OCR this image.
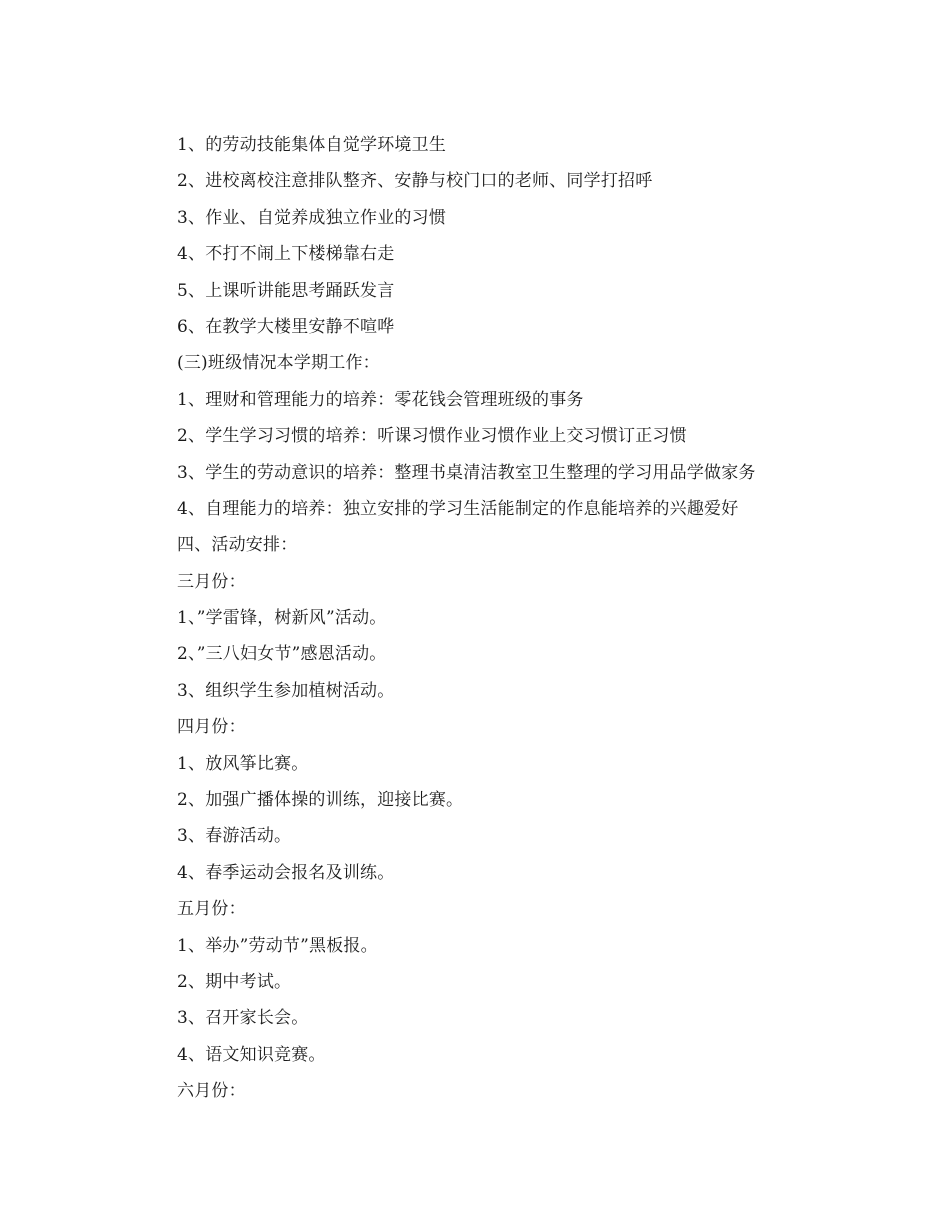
1、的劳动技能集体自觉学环境卫生
2、进校离校注意排队整齐、安静与校门口的老师、同学打招呼
3、作业、自觉养成独立作业的习惯
4、不打不闹上下楼梯靠右走
5、上课听讲能思考踊跃发言
6、在教学大楼里安静不喧哗
(三)班级情况本学期工作：
1、理财和管理能力的培养：零花钱会管理班级的事务
2、学生学习习惯的培养：听课习惯作业习惯作业上交习惯订正习惯
3、学生的劳动意识的培养：整理书桌清洁教室卫生整理的学习用品学做家务
4、自理能力的培养：独立安排的学习生活能制定的作息能培养的兴趣爱好
四、活动安排：
三月份：
1、”学雷锋，树新风”活动。
2、”三八妇女节”感恩活动。
3、组织学生参加植树活动。
四月份：
1、放风筝比赛。
2、加强广播体操的训练，迎接比赛。
3、春游活动。
4、春季运动会报名及训练。
五月份：
1、举办”劳动节”黑板报。
2、期中考试。
3、召开家长会。
4、语文知识竞赛。
六月份：
